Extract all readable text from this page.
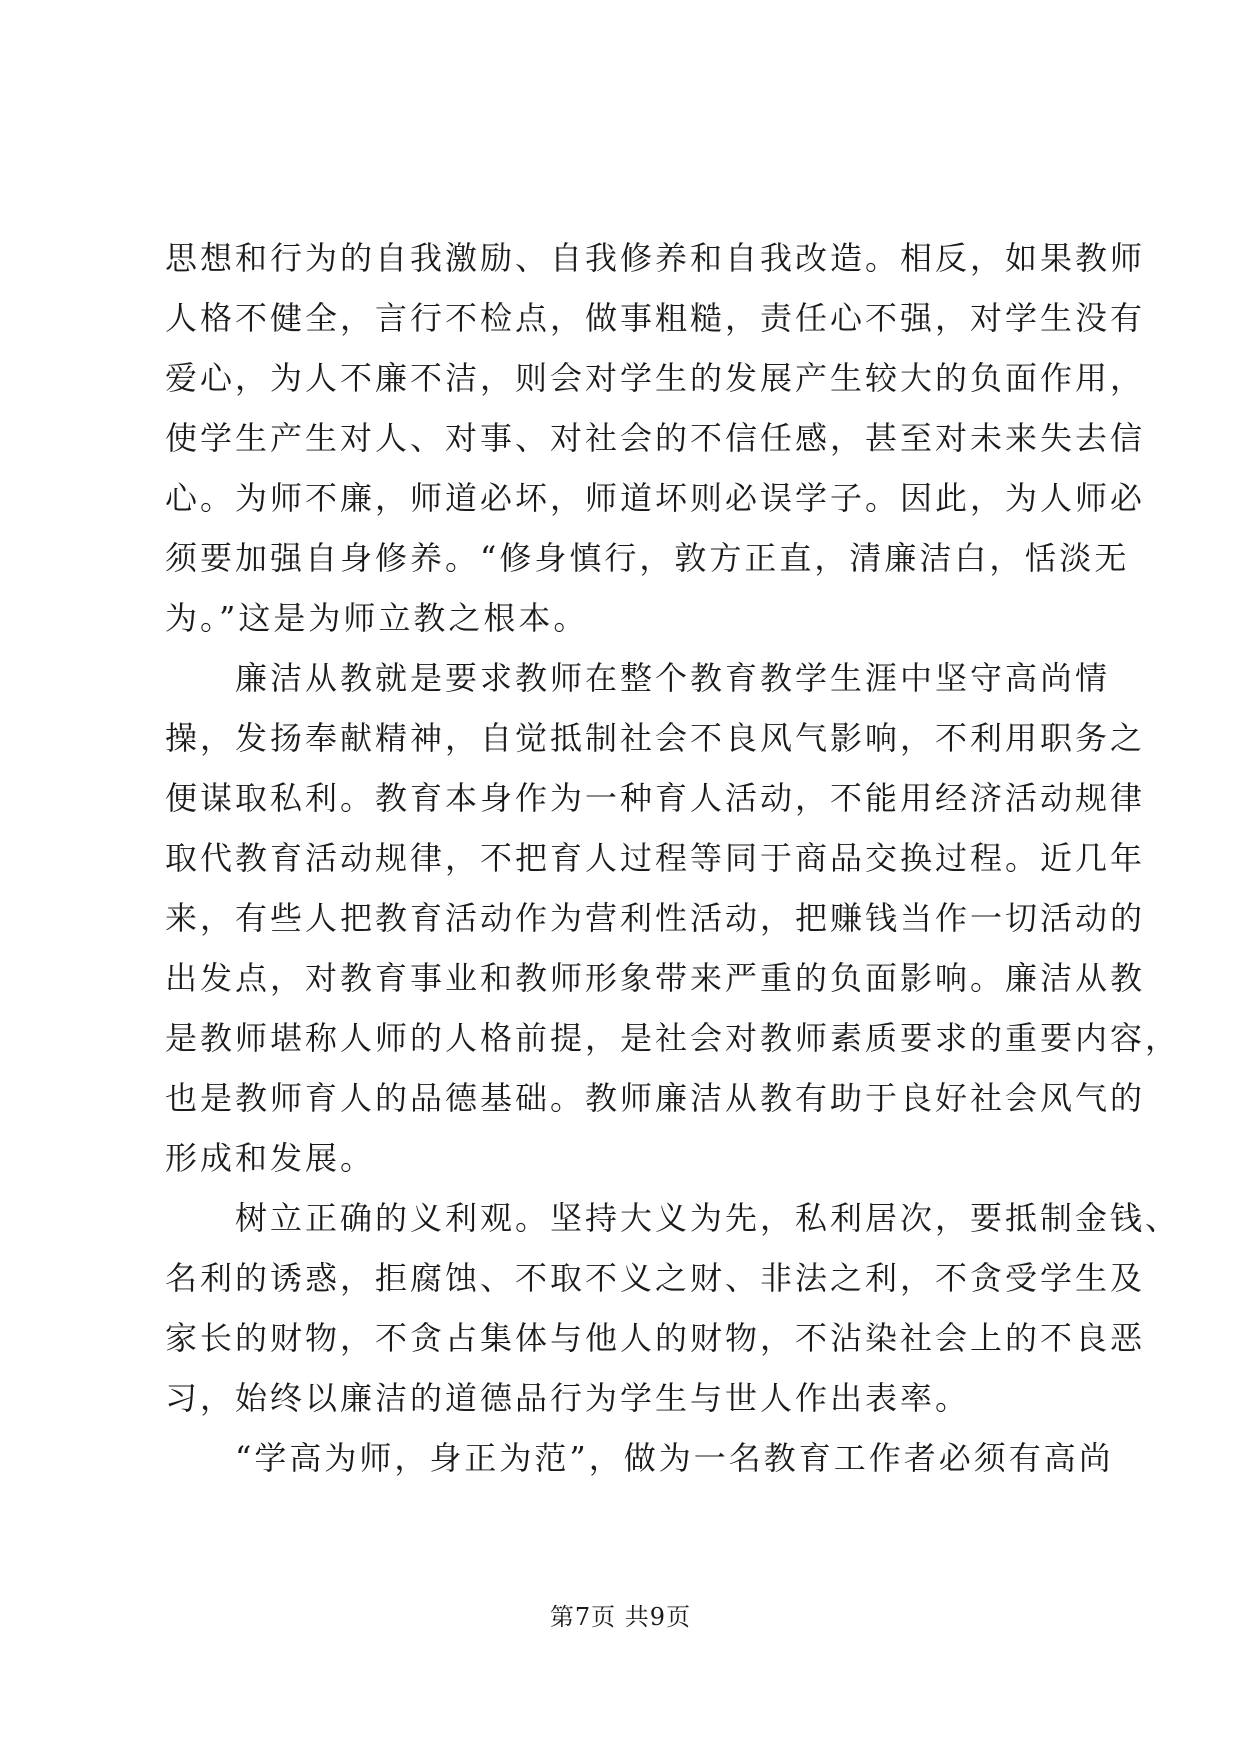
思想和行为的自我激励、自我修养和自我改造。相反，如果教师
人格不健全，言行不检点，做事粗糙，责任心不强，对学生没有
爱心，为人不廉不洁，则会对学生的发展产生较大的负面作用，
使学生产生对人、对事、对社会的不信任感，甚至对未来失去信
心。为师不廉，师道必坏，师道坏则必误学子。因此，为人师必
须要加强自身修养。“修身慎行，敦方正直，清廉洁白，恬淡无
为。”这是为师立教之根本。
　　廉洁从教就是要求教师在整个教育教学生涯中坚守高尚情
操，发扬奉献精神，自觉抵制社会不良风气影响，不利用职务之
便谋取私利。教育本身作为一种育人活动，不能用经济活动规律
取代教育活动规律，不把育人过程等同于商品交换过程。近几年
来，有些人把教育活动作为营利性活动，把赚钱当作一切活动的
出发点，对教育事业和教师形象带来严重的负面影响。廉洁从教
是教师堪称人师的人格前提，是社会对教师素质要求的重要内容，
也是教师育人的品德基础。教师廉洁从教有助于良好社会风气的
形成和发展。
　　树立正确的义利观。坚持大义为先，私利居次，要抵制金钱、
名利的诱惑，拒腐蚀、不取不义之财、非法之利，不贪受学生及
家长的财物，不贪占集体与他人的财物，不沾染社会上的不良恶
习，始终以廉洁的道德品行为学生与世人作出表率。
　　“学高为师，身正为范”，做为一名教育工作者必须有高尚
第7页 共9页
